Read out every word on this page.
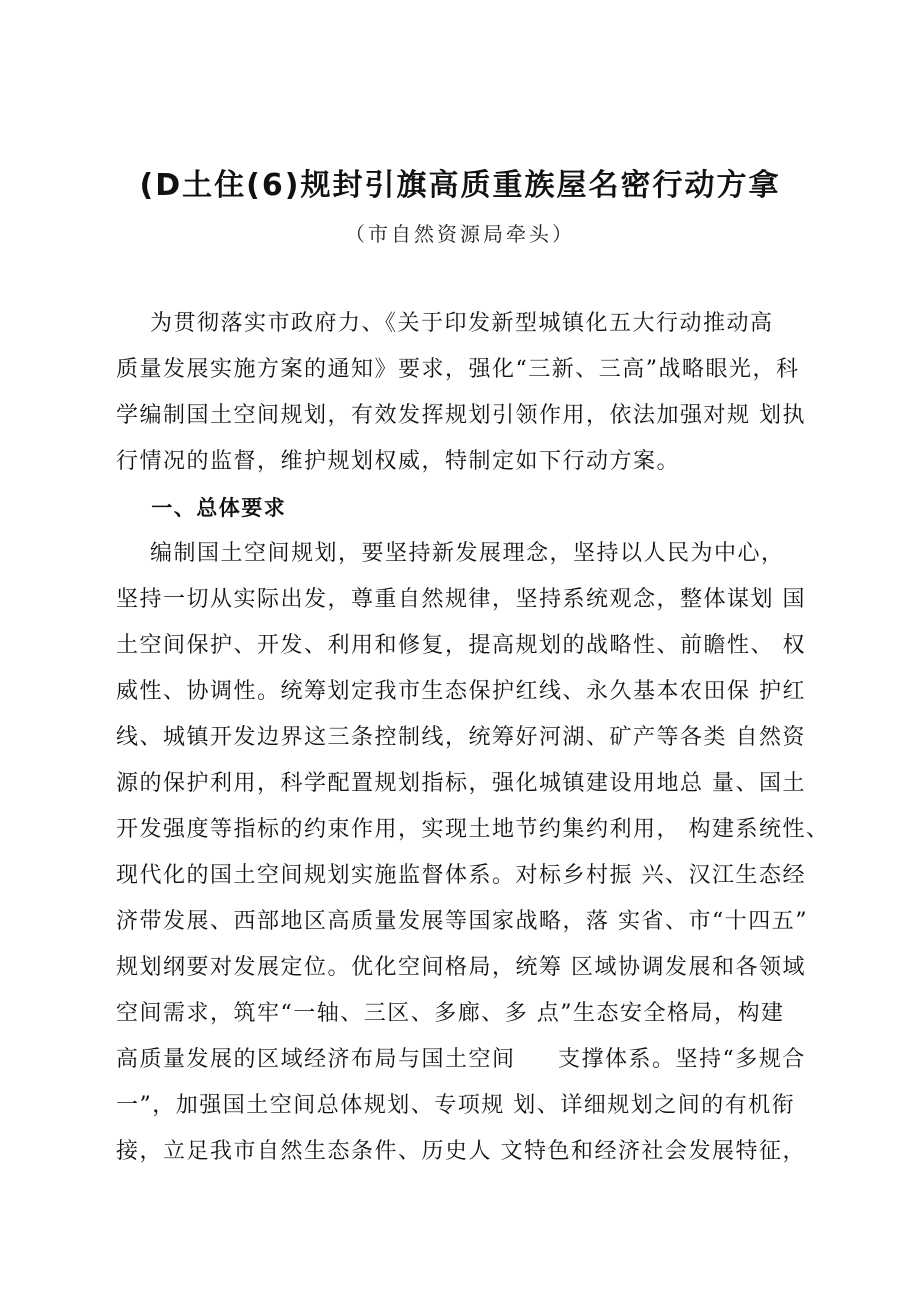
(D土住(6)规封引旗高质重族屋名密行动方拿
（市自然资源局牵头）
为贯彻落实市政府力、《关于印发新型城镇化五大行动推动高
质量发展实施方案的通知》要求，强化“三新、三高”战略眼光，科
学编制国土空间规划，有效发挥规划引领作用，依法加强对规 划执
行情况的监督，维护规划权威，特制定如下行动方案。
一、总体要求
编制国土空间规划，要坚持新发展理念，坚持以人民为中心，
坚持一切从实际出发，尊重自然规律，坚持系统观念，整体谋划 国
土空间保护、开发、利用和修复，提高规划的战略性、前瞻性、 权
威性、协调性。统筹划定我市生态保护红线、永久基本农田保 护红
线、城镇开发边界这三条控制线，统筹好河湖、矿产等各类 自然资
源的保护利用，科学配置规划指标，强化城镇建设用地总 量、国土
开发强度等指标的约束作用，实现土地节约集约利用， 构建系统性、
现代化的国土空间规划实施监督体系。对标乡村振 兴、汉江生态经
济带发展、西部地区高质量发展等国家战略，落 实省、市“十四五”
规划纲要对发展定位。优化空间格局，统筹 区域协调发展和各领域
空间需求，筑牢“一轴、三区、多廊、多 点”生态安全格局，构建
高质量发展的区域经济布局与国土空间     支撑体系。坚持“多规合
一”，加强国土空间总体规划、专项规 划、详细规划之间的有机衔
接，立足我市自然生态条件、历史人 文特色和经济社会发展特征，
